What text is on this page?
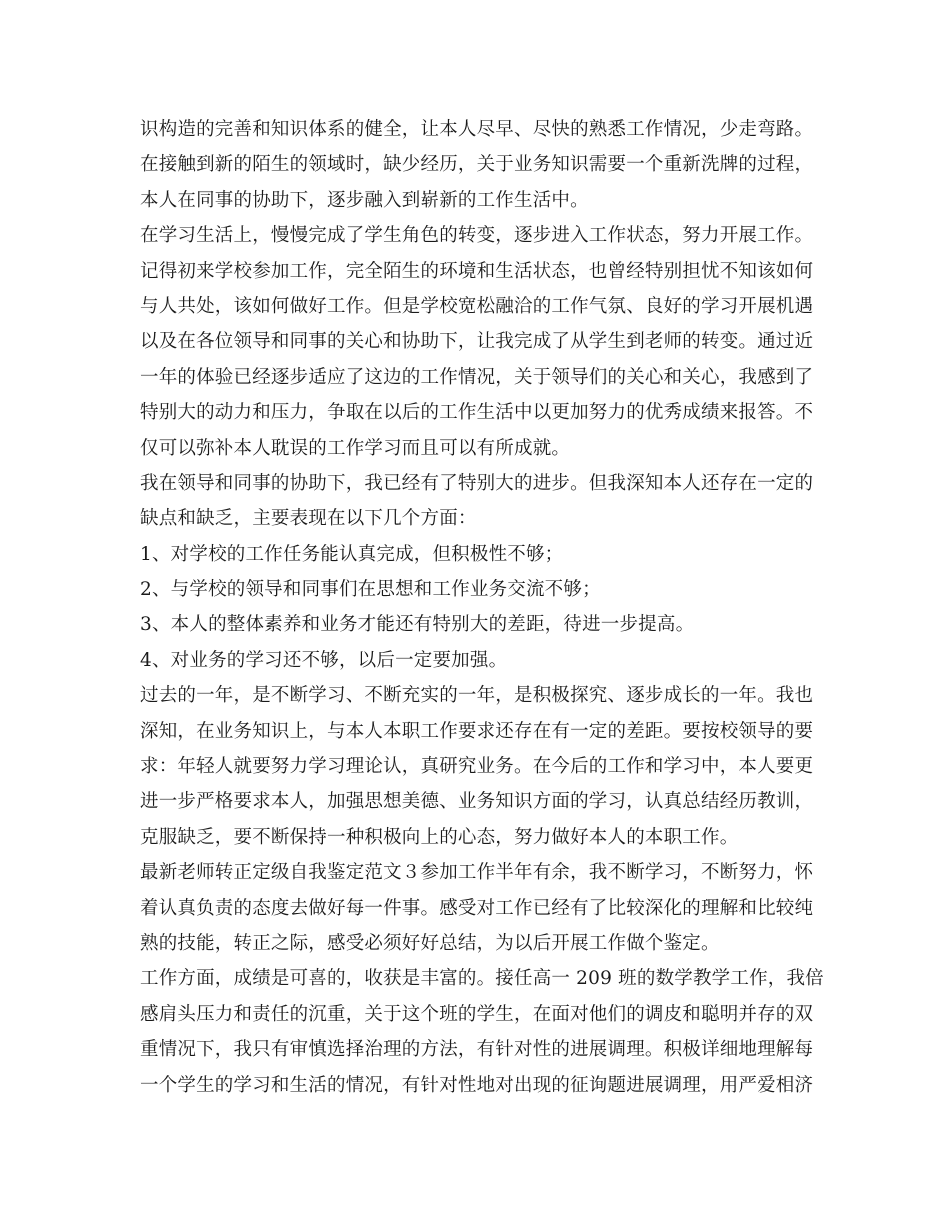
识构造的完善和知识体系的健全，让本人尽早、尽快的熟悉工作情况，少走弯路。
在接触到新的陌生的领域时，缺少经历，关于业务知识需要一个重新洗牌的过程，
本人在同事的协助下，逐步融入到崭新的工作生活中。
在学习生活上，慢慢完成了学生角色的转变，逐步进入工作状态，努力开展工作。
记得初来学校参加工作，完全陌生的环境和生活状态，也曾经特别担忧不知该如何
与人共处，该如何做好工作。但是学校宽松融洽的工作气氛、良好的学习开展机遇
以及在各位领导和同事的关心和协助下，让我完成了从学生到老师的转变。通过近
一年的体验已经逐步适应了这边的工作情况，关于领导们的关心和关心，我感到了
特别大的动力和压力，争取在以后的工作生活中以更加努力的优秀成绩来报答。不
仅可以弥补本人耽误的工作学习而且可以有所成就。
我在领导和同事的协助下，我已经有了特别大的进步。但我深知本人还存在一定的
缺点和缺乏，主要表现在以下几个方面：
1、对学校的工作任务能认真完成，但积极性不够；
2、与学校的领导和同事们在思想和工作业务交流不够；
3、本人的整体素养和业务才能还有特别大的差距，待进一步提高。
4、对业务的学习还不够，以后一定要加强。
过去的一年，是不断学习、不断充实的一年，是积极探究、逐步成长的一年。我也
深知，在业务知识上，与本人本职工作要求还存在有一定的差距。要按校领导的要
求：年轻人就要努力学习理论认，真研究业务。在今后的工作和学习中，本人要更
进一步严格要求本人，加强思想美德、业务知识方面的学习，认真总结经历教训，
克服缺乏，要不断保持一种积极向上的心态，努力做好本人的本职工作。
最新老师转正定级自我鉴定范文３参加工作半年有余，我不断学习，不断努力，怀
着认真负责的态度去做好每一件事。感受对工作已经有了比较深化的理解和比较纯
熟的技能，转正之际，感受必须好好总结，为以后开展工作做个鉴定。
工作方面，成绩是可喜的，收获是丰富的。接任高一 209 班的数学教学工作，我倍
感肩头压力和责任的沉重，关于这个班的学生，在面对他们的调皮和聪明并存的双
重情况下，我只有审慎选择治理的方法，有针对性的进展调理。积极详细地理解每
一个学生的学习和生活的情况，有针对性地对出现的征询题进展调理，用严爱相济
